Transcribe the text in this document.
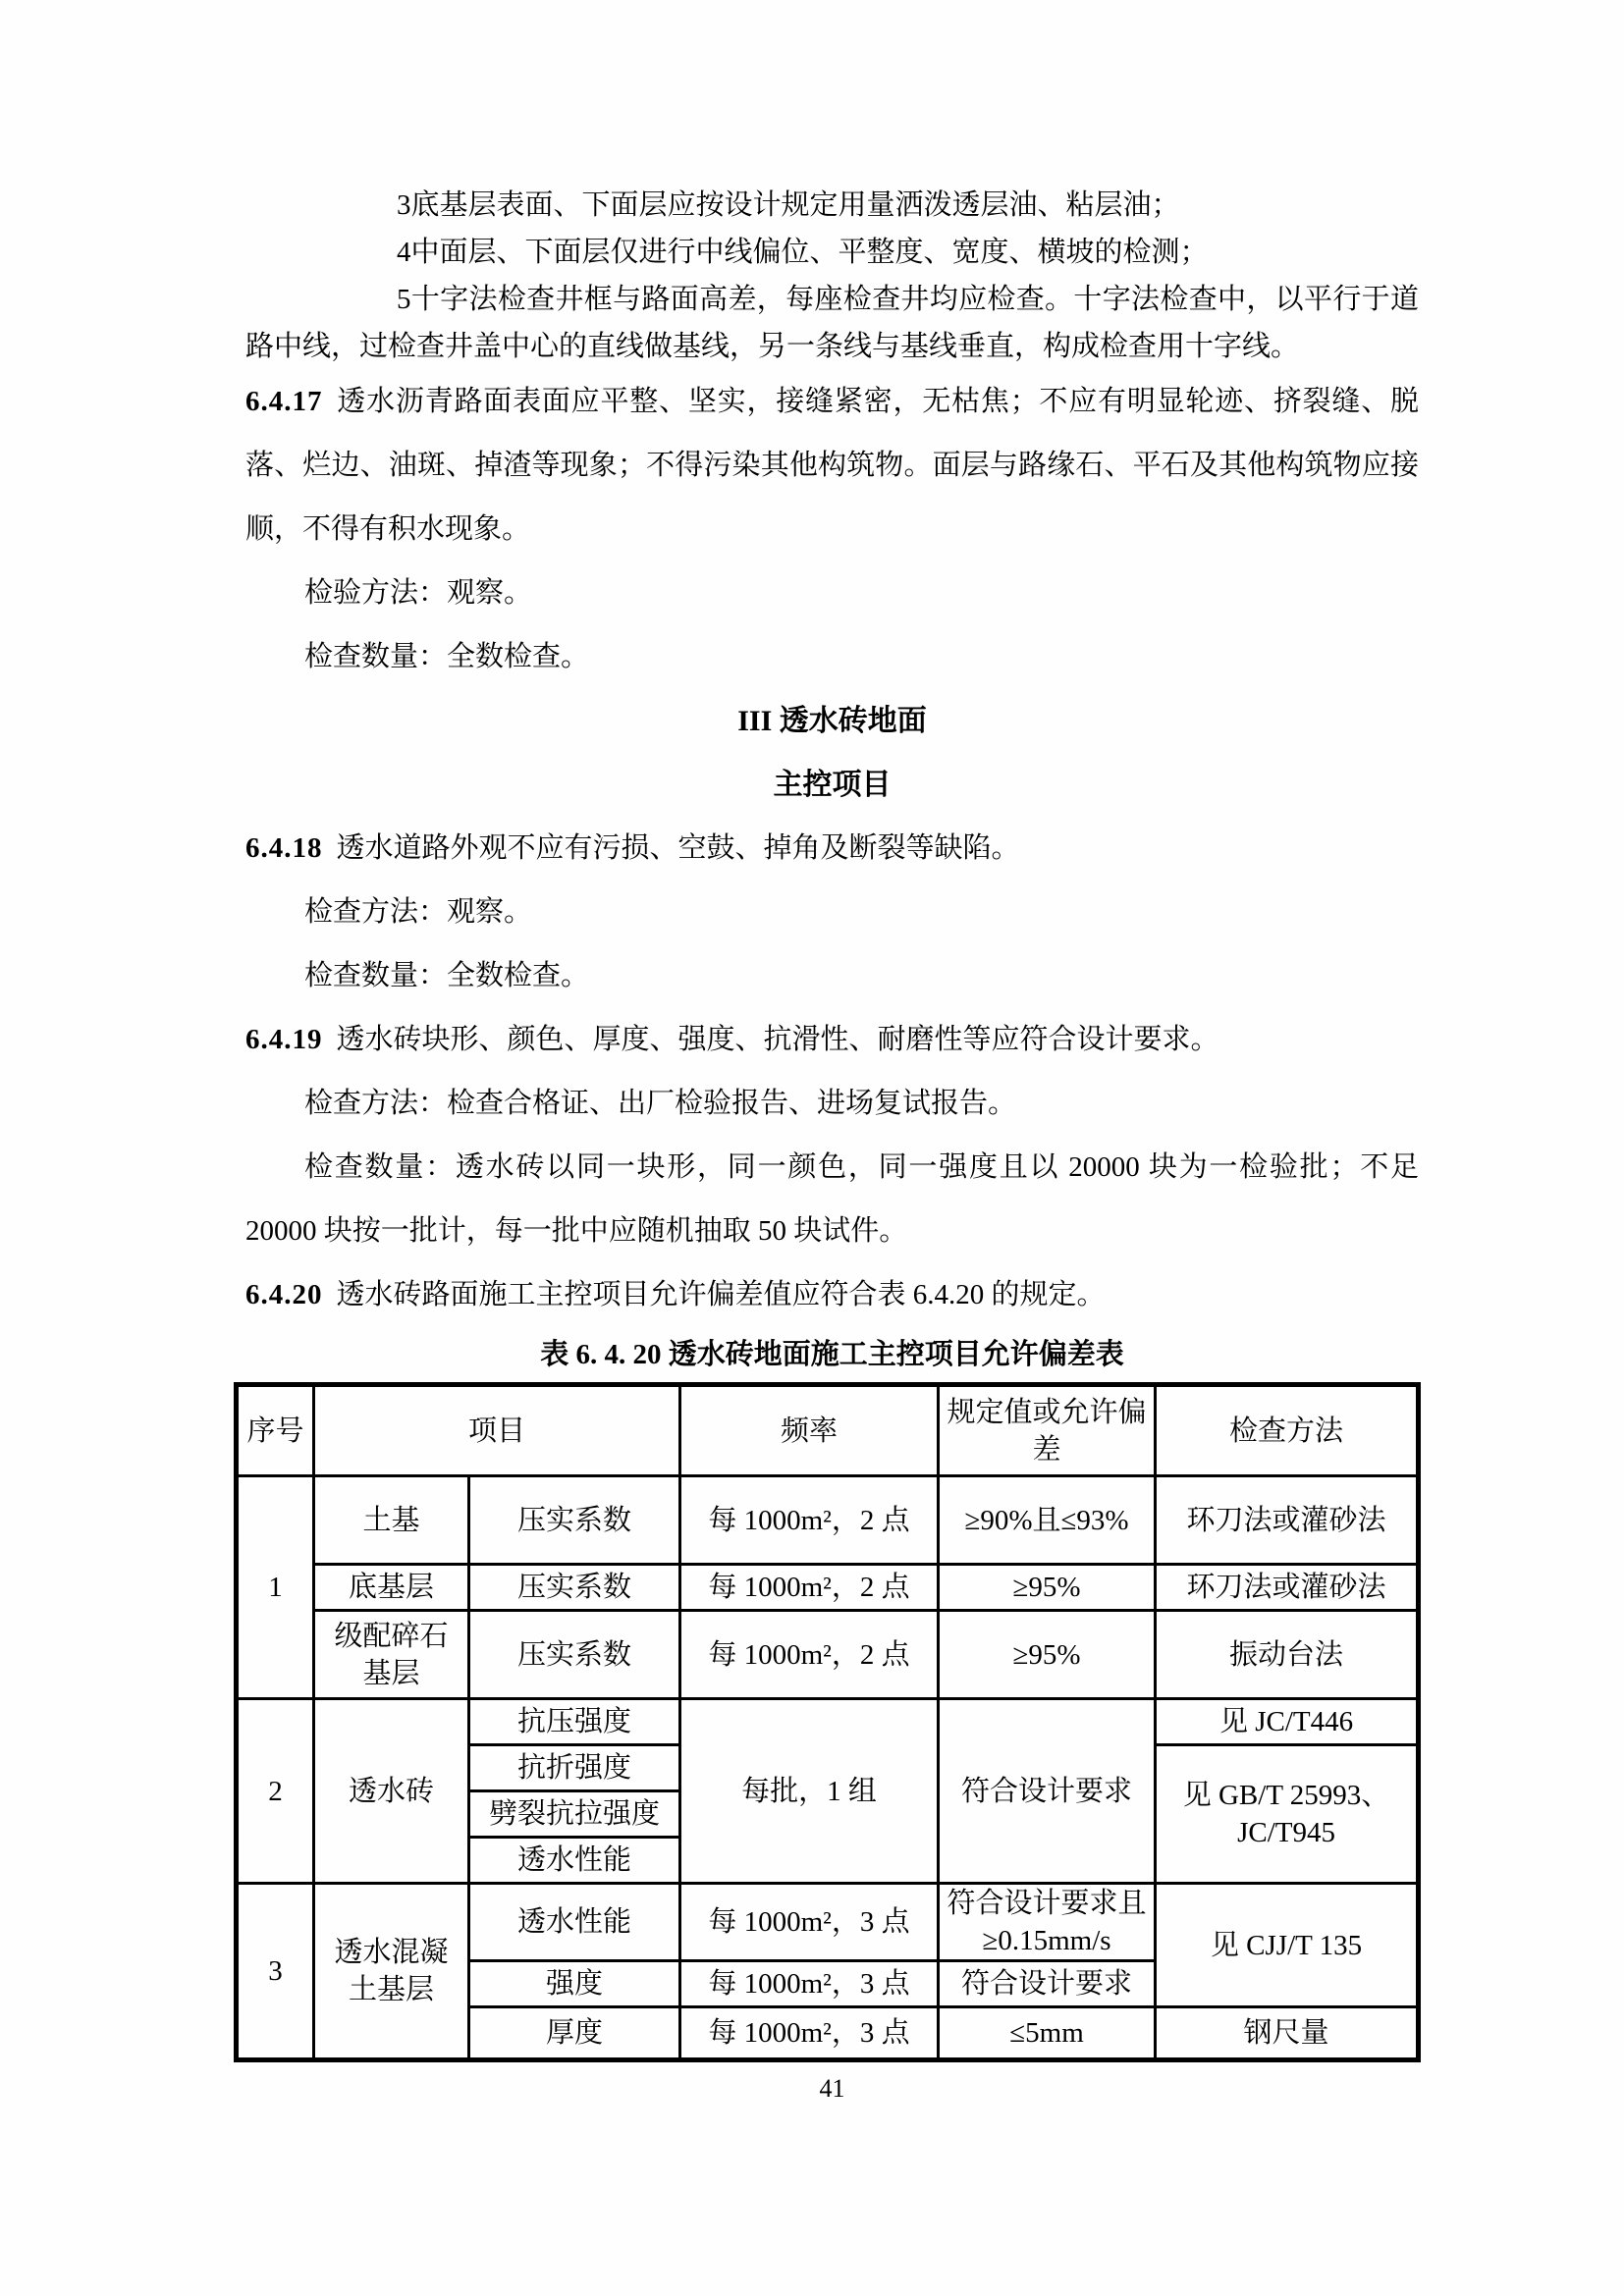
3底基层表面、下面层应按设计规定用量洒泼透层油、粘层油；

4中面层、下面层仅进行中线偏位、平整度、宽度、横坡的检测；

5十字法检查井框与路面高差，每座检查井均应检查。十字法检查中，以平行于道路中线，过检查井盖中心的直线做基线，另一条线与基线垂直，构成检查用十字线。

6.4.17 透水沥青路面表面应平整、坚实，接缝紧密，无枯焦；不应有明显轮迹、挤裂缝、脱落、烂边、油斑、掉渣等现象；不得污染其他构筑物。面层与路缘石、平石及其他构筑物应接顺，不得有积水现象。

检验方法：观察。

检查数量：全数检查。

III 透水砖地面
主控项目

6.4.18 透水道路外观不应有污损、空鼓、掉角及断裂等缺陷。

检查方法：观察。

检查数量：全数检查。

6.4.19 透水砖块形、颜色、厚度、强度、抗滑性、耐磨性等应符合设计要求。

检查方法：检查合格证、出厂检验报告、进场复试报告。

检查数量：透水砖以同一块形，同一颜色，同一强度且以 20000 块为一检验批；不足 20000 块按一批计，每一批中应随机抽取 50 块试件。

6.4.20 透水砖路面施工主控项目允许偏差值应符合表 6.4.20 的规定。

表 6. 4. 20 透水砖地面施工主控项目允许偏差表

序号	项目		频率	规定值或允许偏差	检查方法
1	土基	压实系数	每 1000m²，2 点	≥90%且≤93%	环刀法或灌砂法
	底基层	压实系数	每 1000m²，2 点	≥95%	环刀法或灌砂法
	级配碎石基层	压实系数	每 1000m²，2 点	≥95%	振动台法
2	透水砖	抗压强度	每批，1 组	符合设计要求	见 JC/T446
		抗折强度			见 GB/T 25993、JC/T945
		劈裂抗拉强度			
		透水性能			
3	透水混凝土基层	透水性能	每 1000m²，3 点	符合设计要求且≥0.15mm/s	见 CJJ/T 135
		强度	每 1000m²，3 点	符合设计要求	
		厚度	每 1000m²，3 点	≤5mm	钢尺量
41
